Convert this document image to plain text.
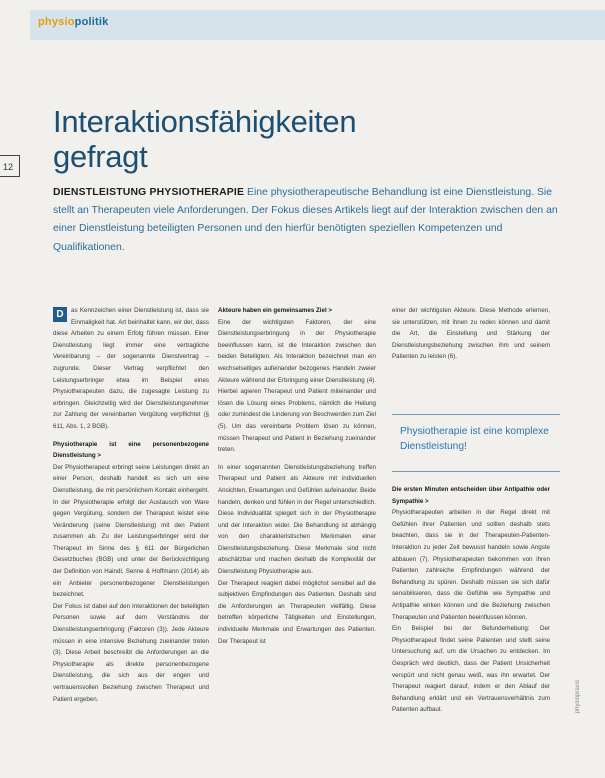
physiopolitik
12
Interaktionsfähigkeiten gefragt

DIENSTLEISTUNG PHYSIOTHERAPIE Eine physiotherapeutische Behandlung ist eine Dienstleistung. Sie stellt an Therapeuten viele Anforderungen. Der Fokus dieses Artikels liegt auf der Interaktion zwischen den an einer Dienstleistung beteiligten Personen und den hierfür benötigten speziellen Kompetenzen und Qualifikationen.

D	as Kennzeichen einer Dienstleistung ist, dass sie Einmaligkeit hat. Art beinhaltet kann, wir der, dass diese Arbeiten zu einem Erfolg führen müssen. Einer Dienstleistung liegt immer eine vertragliche Vereinbarung – der sogenannte Dienstvertrag – zugrunde. Dieser Vertrag verpflichtet den Leistungserbringer etwa im Beispiel eines Physiotherapeuten dazu, die zugesagte Leistung zu erbringen. Gleichzeitig wird der Dienstleistungsnehmer zur Zahlung der vereinbarten Vergütung verpflichtet (§ 611, Abs. 1, 2 BGB).

Physiotherapie ist eine personenbezogene Dienstleistung >

Der Physiotherapeut erbringt seine Leistungen direkt an einer Person, deshalb handelt es sich um eine Dienstleistung, die mit persönlichem Kontakt einhergeht. In der Physiotherapie erfolgt der Austausch von Ware gegen Vergütung, sondern der Therapeut leistet eine Veränderung (seine Dienstleistung) mit den Patient zusammen ab. Zu der Leistungserbringer wird der Therapeut im Sinne des § 611 der Bürgerlichen Gesetzbuches (BGB) und unter der Berücksichtigung der Definition von Haindl, Senne & Hoffmann (2014) als ein Anbieter personenbezogener Dienstleistungen bezeichnet.

Der Fokus ist dabei auf den Interaktionen der beteiligten Personen sowie auf dem Verständnis der Dienstleistungserbringung (Faktoren (3)). Jede Akteure müssen in eine intensive Beziehung zueinander treten (3). Diese Arbeit beschreibt die Anforderungen an die Physiotherapie als direkte personenbezogene Dienstleistung, die sich aus der engen und vertrauensvollen Beziehung zwischen Therapeut und Patient ergeben.

Akteure haben ein gemeinsames Ziel >

Eine der wichtigsten Faktoren, der eine Dienstleistungserbringung in der Physiotherapie beeinflussen kann, ist die Interaktion zwischen den beiden Beteiligten. Als Interaktion bezeichnet man ein wechselseitiges aufeinander bezogenes Handeln zweier Akteure während der Erbringung einer Dienstleistung (4). Hierbei agieren Therapeut und Patient miteinander und lösen die Lösung eines Problems, nämlich die Heilung oder zumindest die Linderung von Beschwerden zum Ziel (5). Um das vereinbarte Problem lösen zu können, müssen Therapeut und Patient in Beziehung zueinander treten.

In einer sogenannten Dienstleistungsbeziehung treffen Therapeut und Patient als Akteure mit individuellen Ansichten, Erwartungen und Gefühlen aufeinander. Beide handeln, denken und fühlen in der Regel unterschiedlich. Diese Individualität spiegelt sich in der Physiotherapie und der Interaktion wider. Die Behandlung ist abhängig von den charakteristischen Merkmalen einer Dienstleistungsbeziehung. Diese Merkmale sind nicht abschätzbar und machen deshalb die Komplexität der Dienstleistung Physiotherapie aus.

Der Therapeut reagiert dabei möglichst sensibel auf die subjektiven Empfindungen des Patienten. Deshalb sind die Anforderungen an Therapeuten vielfältig. Diese betreffen körperliche Tätigkeiten und Einstellungen, individuelle Merkmale und Erwartungen des Patienten. Der Therapeut ist

einer der wichtigsten Akteure. Diese Methode erlernen, sie unterstützen, mit ihnen zu reden können und damit die Art, die Einstellung und Stärkung der Dienstleistungsbeziehung zwischen ihm und seinem Patienten zu leisten (6).

Physiotherapie ist eine komplexe Dienstleistung!

Die ersten Minuten entscheiden über Antipathie oder Sympathie >

Physiotherapeuten arbeiten in der Regel direkt mit Gefühlen ihrer Patienten und sollten deshalb stets beachten, dass sie in der Therapeuten-Patienten-Interaktion zu jeder Zeit bewusst handeln sowie Angste abbauen (7). Physiotherapeuten bekommen von ihren Patienten zahlreiche Empfindungen während der Behandlung zu spüren. Deshalb müssen sie sich dafür sensibilisieren, dass die Gefühle wie Sympathie und Antipathie wirken können und die Beziehung zwischen Therapeuten und Patienten beeinflussen können.

Ein Beispiel bei der Befunderhebung: Der Physiotherapeut findet seine Patienten und stellt seine Untersuchung auf, um die Ursachen zu entdecken. Im Gespräch wird deutlich, dass der Patient Unsicherheit verspürt und nicht genau weiß, was ihn erwartet. Der Therapeut reagiert darauf, indem er den Ablauf der Behandlung erklärt und ein Vertrauensverhältnis zum Patienten aufbaut.	physiopraxis
